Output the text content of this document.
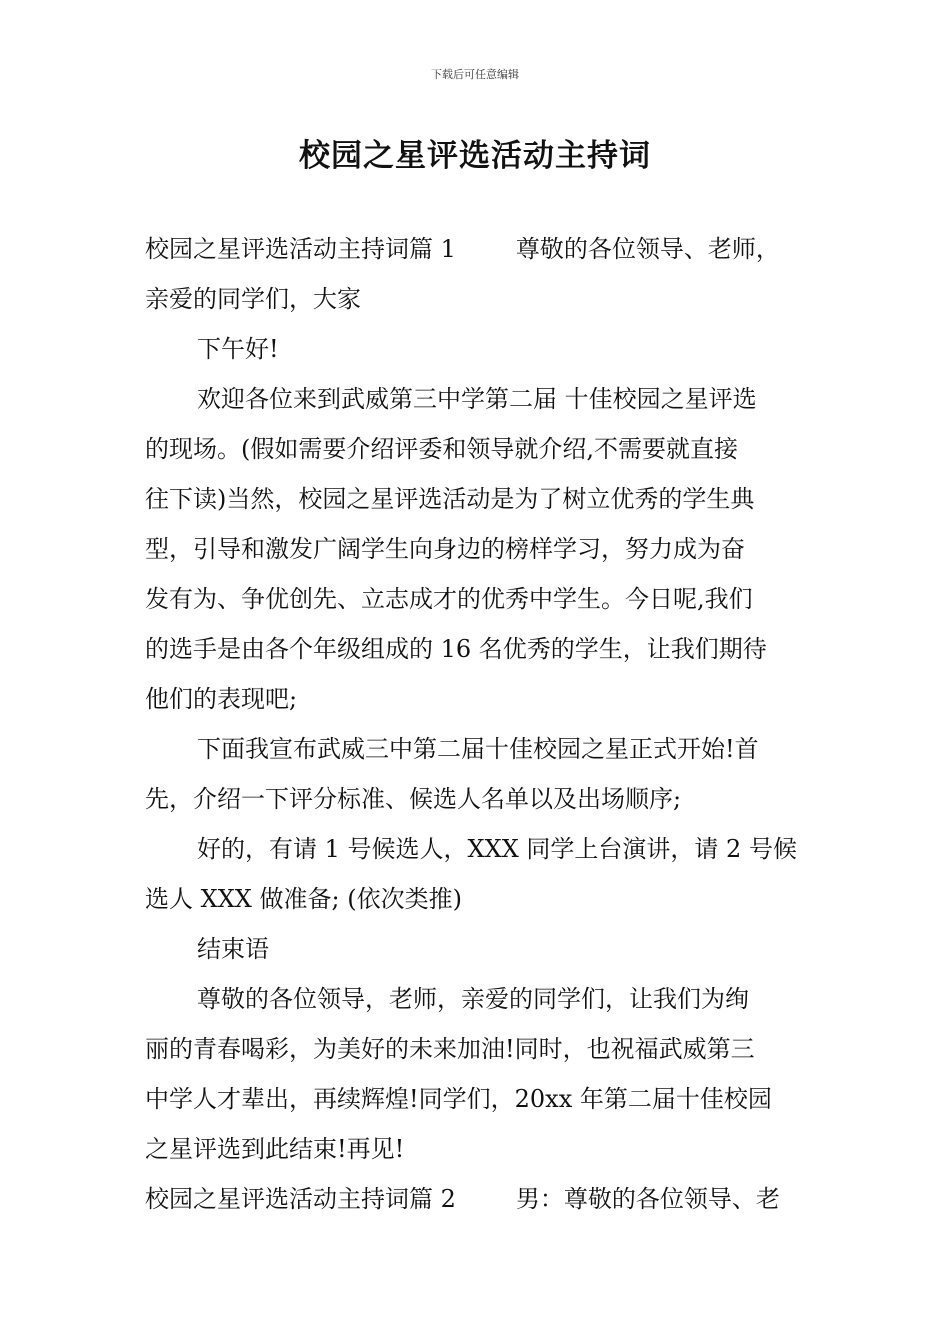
下载后可任意编辑
校园之星评选活动主持词
校园之星评选活动主持词篇 1	尊敬的各位领导、老师，
亲爱的同学们，大家
下午好!
欢迎各位来到武威第三中学第二届 十佳校园之星评选
的现场。(假如需要介绍评委和领导就介绍,不需要就直接
往下读)当然，校园之星评选活动是为了树立优秀的学生典
型，引导和激发广阔学生向身边的榜样学习，努力成为奋
发有为、争优创先、立志成才的优秀中学生。今日呢,我们
的选手是由各个年级组成的 16 名优秀的学生，让我们期待
他们的表现吧;
下面我宣布武威三中第二届十佳校园之星正式开始!首
先，介绍一下评分标准、候选人名单以及出场顺序;
好的，有请 1 号候选人，XXX 同学上台演讲，请 2 号候
选人 XXX 做准备; (依次类推)
结束语
尊敬的各位领导，老师，亲爱的同学们，让我们为绚
丽的青春喝彩，为美好的未来加油!同时，也祝福武威第三
中学人才辈出，再续辉煌!同学们，20xx 年第二届十佳校园
之星评选到此结束!再见!
校园之星评选活动主持词篇 2	男：尊敬的各位领导、老
